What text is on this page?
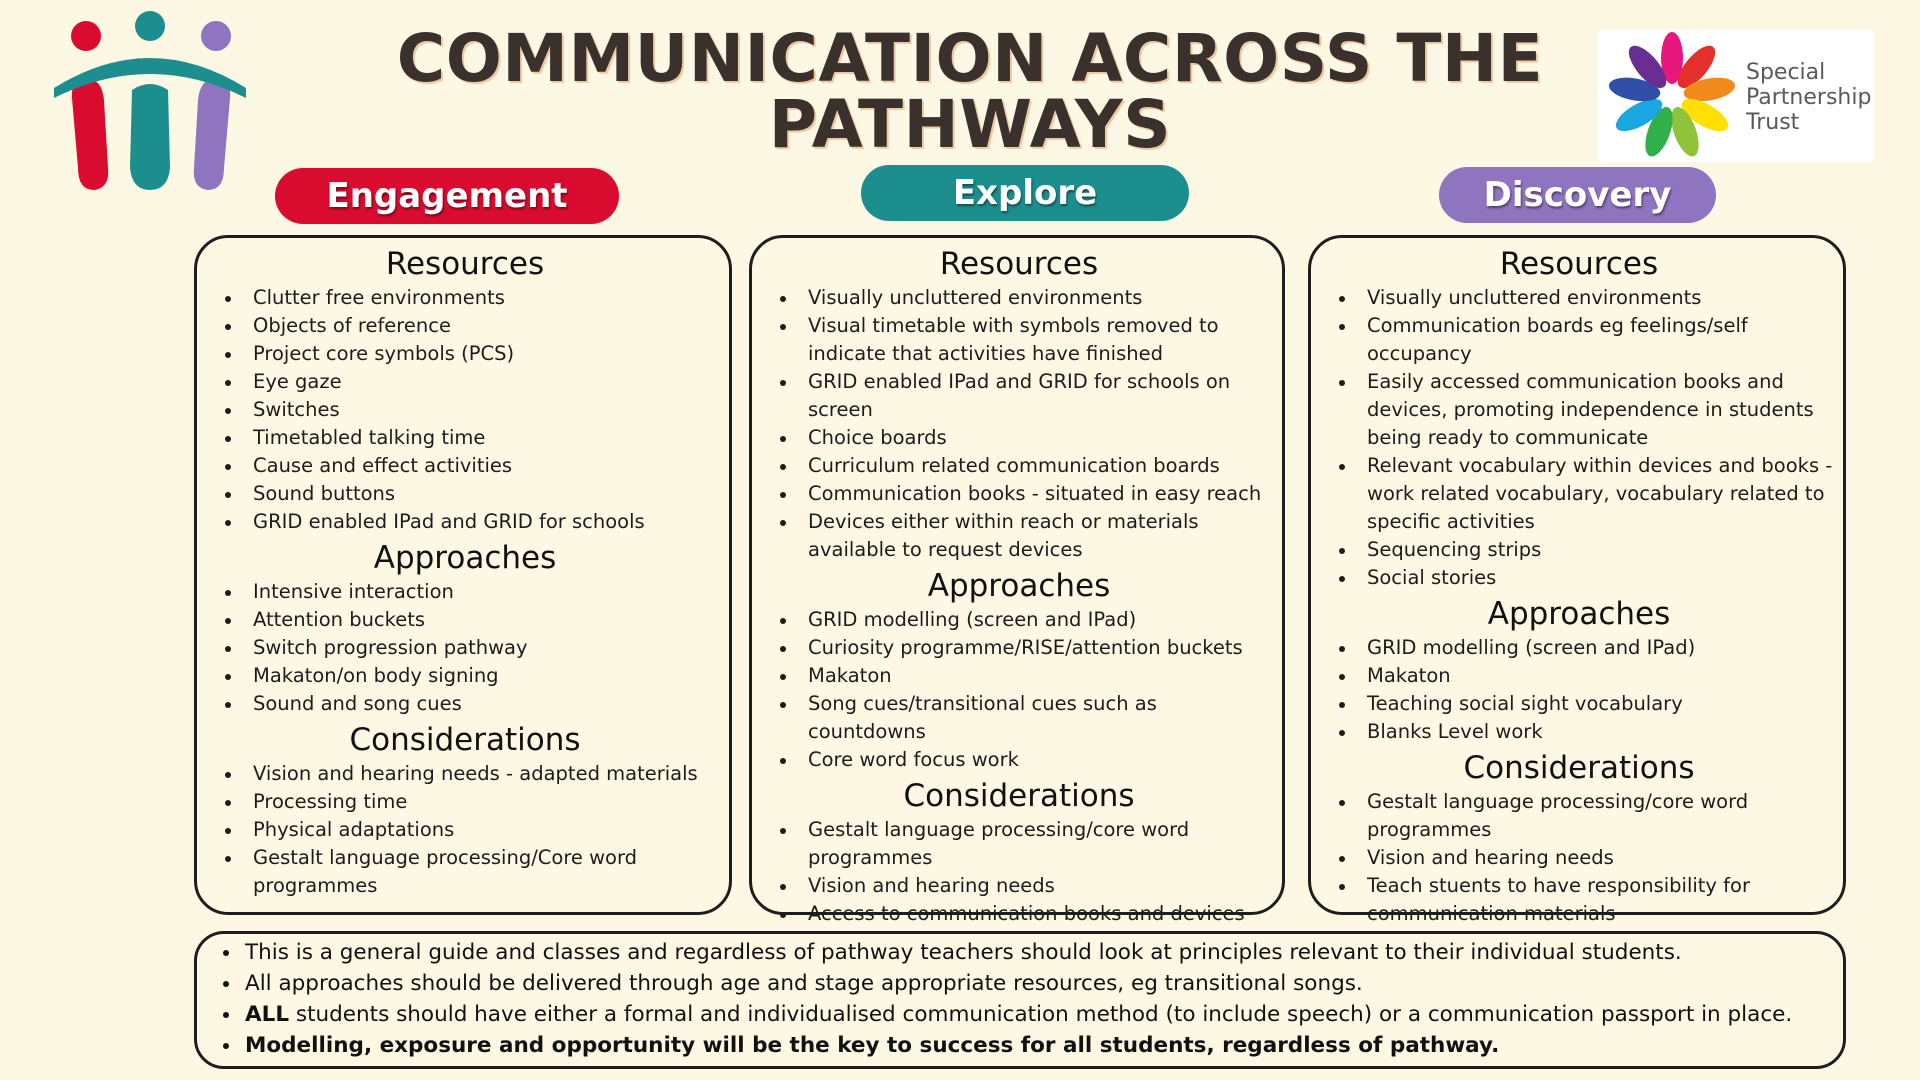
COMMUNICATION ACROSS THE
PATHWAYS
Special
Partnership
Trust
Engagement	Explore	Discovery
Resources
Clutter free environments
Objects of reference
Project core symbols (PCS)
Eye gaze
Switches
Timetabled talking time
Cause and effect activities
Sound buttons
GRID enabled IPad and GRID for schools
Approaches
Intensive interaction
Attention buckets
Switch progression pathway
Makaton/on body signing
Sound and song cues
Considerations
Vision and hearing needs - adapted materials
Processing time
Physical adaptations
Gestalt language processing/Core word programmes
Resources
Visually uncluttered environments
Visual timetable with symbols removed to indicate that activities have finished
GRID enabled IPad and GRID for schools on screen
Choice boards
Curriculum related communication boards
Communication books - situated in easy reach
Devices either within reach or materials available to request devices
Approaches
GRID modelling (screen and IPad)
Curiosity programme/RISE/attention buckets
Makaton
Song cues/transitional cues such as countdowns
Core word focus work
Considerations
Gestalt language processing/core word programmes
Vision and hearing needs
Access to communication books and devices
Resources
Visually uncluttered environments
Communication boards eg feelings/self occupancy
Easily accessed communication books and devices, promoting independence in students being ready to communicate
Relevant vocabulary within devices and books - work related vocabulary, vocabulary related to specific activities
Sequencing strips
Social stories
Approaches
GRID modelling (screen and IPad)
Makaton
Teaching social sight vocabulary
Blanks Level work
Considerations
Gestalt language processing/core word programmes
Vision and hearing needs
Teach stuents to have responsibility for communication materials
This is a general guide and classes and regardless of pathway teachers should look at principles relevant to their individual students.
All approaches should be delivered through age and stage appropriate resources, eg transitional songs.
ALL students should have either a formal and individualised communication method (to include speech) or a communication passport in place.
Modelling, exposure and opportunity will be the key to success for all students, regardless of pathway.
